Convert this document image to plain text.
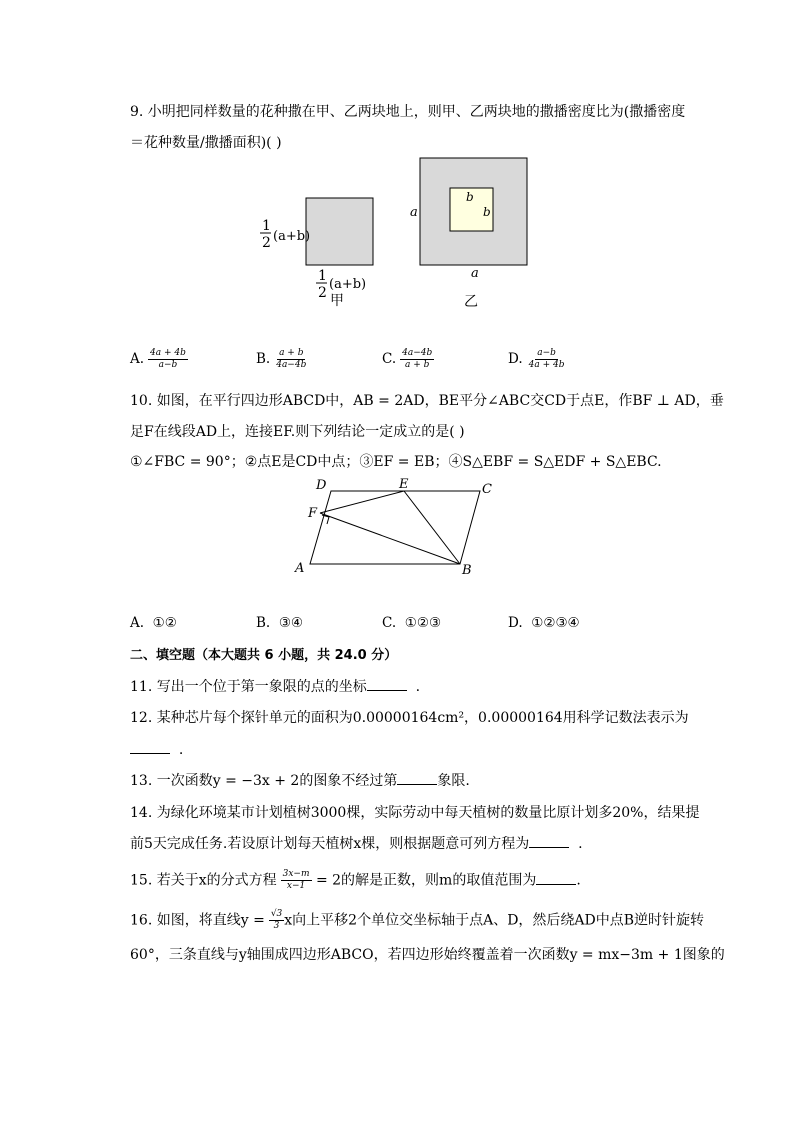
9. 小明把同样数量的花种撒在甲、乙两块地上，则甲、乙两块地的撒播密度比为(撒播密度
＝花种数量/撒播面积)( )
1
2 (a+b)
1
2
(a+b)
甲
a
a
b
b
乙
A. $\frac{4a + 4b}{a-b}$	B. $\frac{a + b}{4a-4b}$	C. $\frac{4a-4b}{a + b}$	D. $\frac{a-b}{4a + 4b}$
10. 如图，在平行四边形ABCD中，AB = 2AD，BE平分∠ABC交CD于点E，作BF ⊥ AD，垂
足F在线段AD上，连接EF.则下列结论一定成立的是( )
①∠FBC = 90°；②点E是CD中点；③EF = EB；④S△EBF = S△EDF + S△EBC.
A	B
C
D	E
F
A. ①②	B. ③④	C. ①②③	D. ①②③④
二、填空题（本大题共 6 小题，共 24.0 分）
11. 写出一个位于第一象限的点的坐标	.
12. 某种芯片每个探针单元的面积为0.00000164cm²，0.00000164用科学记数法表示为
.
13. 一次函数y = −3x + 2的图象不经过第	象限.
14. 为绿化环境某市计划植树3000棵，实际劳动中每天植树的数量比原计划多20%，结果提
前5天完成任务.若设原计划每天植树x棵，则根据题意可列方程为	.
15. 若关于x的分式方程 $\frac{3x-m}{x-1} = 2$的解是正数，则m的取值范围为	.
16. 如图，将直线$y = \frac{√3}{3}$ x向上平移2个单位交坐标轴于点A、D，然后绕AD中点B逆时针旋转
60°，三条直线与y轴围成四边形ABCO，若四边形始终覆盖着一次函数y = mx−3m + 1图象的
